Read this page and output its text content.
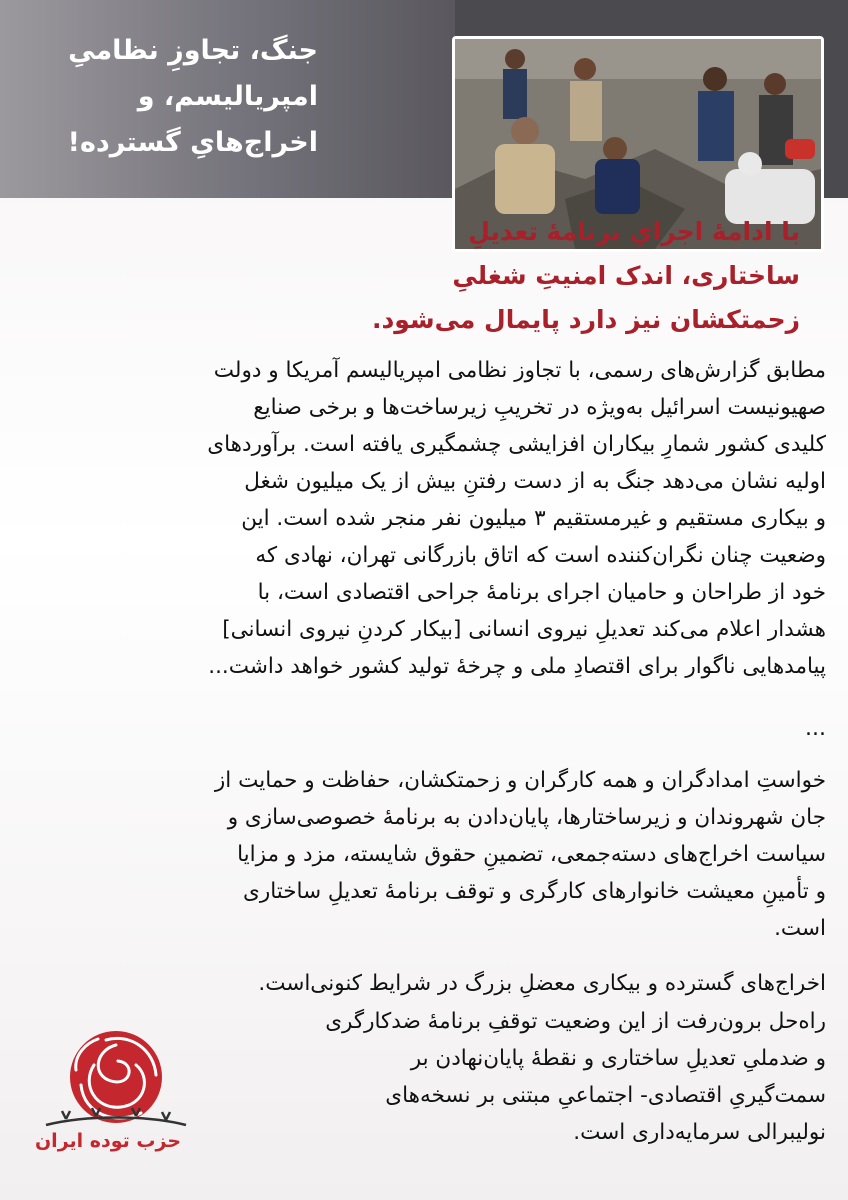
جنگ، تجاوزِ نظامیِ
امپریالیسم، و
اخراج‌هایِ گسترده!
با ادامهٔ اجرایِ برنامهٔ تعدیلِ
ساختاری، اندک امنیتِ شغلیِ
زحمتکشان نیز دارد پایمال می‌شود.
مطابق گزارش‌های رسمی، با تجاوز نظامی امپریالیسم آمریکا و دولت
صهیونیست اسرائیل به‌ویژه در تخریبِ زیرساخت‌ها و برخی صنایع
کلیدی کشور شمارِ بیکاران افزایشی چشمگیری یافته است. برآوردهای
اولیه نشان می‌دهد جنگ به از دست رفتنِ بیش از یک میلیون شغل
و بیکاری مستقیم و غیرمستقیم ۳ میلیون نفر منجر شده است. این
وضعیت چنان نگران‌کننده است که اتاق بازرگانی تهران، نهادی که
خود از طراحان و حامیان اجرای برنامهٔ جراحی اقتصادی است، با
هشدار اعلام می‌کند تعدیلِ نیروی انسانی [بیکار کردنِ نیروی انسانی]
پیامدهایی ناگوار برای اقتصادِ ملی و چرخهٔ تولید کشور خواهد داشت...
...
خواستِ امدادگران و همه کارگران و زحمتکشان، حفاظت و حمایت از
جان شهروندان و زیرساختارها، پایان‌دادن به برنامهٔ خصوصی‌سازی و
سیاست اخراج‌های دسته‌جمعی، تضمینِ حقوق شایسته، مزد و مزایا
و تأمینِ معیشت خانوارهای کارگری و توقف برنامهٔ تعدیلِ ساختاری
است.
اخراج‌های گسترده و بیکاری معضلِ بزرگ در شرایط کنونی‌است.
راه‌حل برون‌رفت از این وضعیت توقفِ برنامهٔ ضدکارگری
و ضدملیِ تعدیلِ ساختاری و نقطهٔ پایان‌نهادن بر
سمت‌گیریِ اقتصادی- اجتماعیِ مبتنی بر نسخه‌های
نولیبرالی سرمایه‌داری است.
حزب توده ایران
